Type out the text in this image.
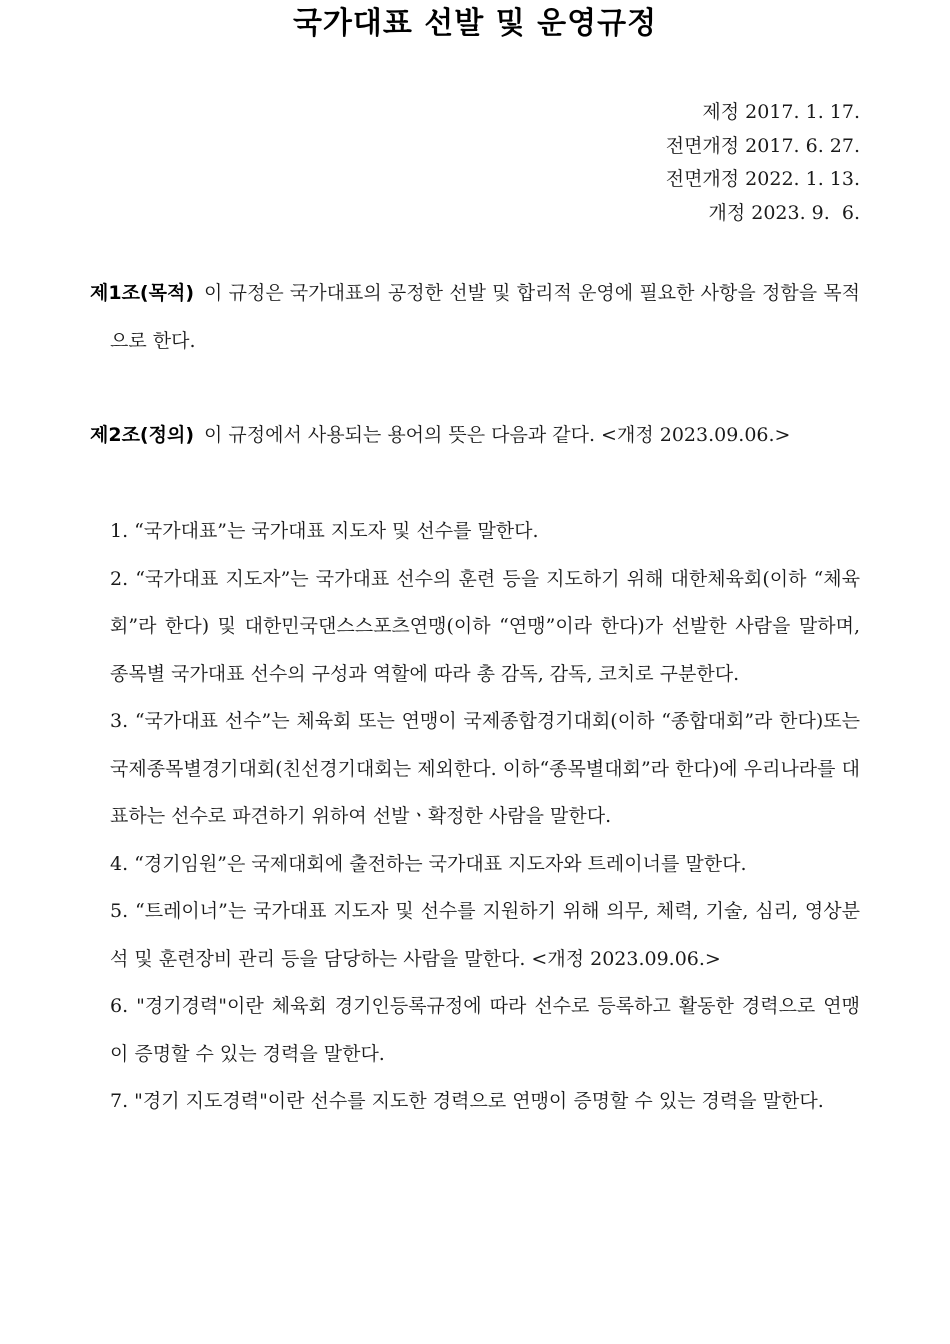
국가대표 선발 및 운영규정
제정 2017. 1. 17.
전면개정 2017. 6. 27.
전면개정 2022. 1. 13.
개정 2023. 9.  6.
제1조(목적) 이 규정은 국가대표의 공정한 선발 및 합리적 운영에 필요한 사항을 정함을 목적으로 한다.
제2조(정의) 이 규정에서 사용되는 용어의 뜻은 다음과 같다. <개정 2023.09.06.>
1. “국가대표”는 국가대표 지도자 및 선수를 말한다.
2. “국가대표 지도자”는 국가대표 선수의 훈련 등을 지도하기 위해 대한체육회(이하 “체육회”라 한다) 및 대한민국댄스스포츠연맹(이하 “연맹”이라 한다)가 선발한 사람을 말하며, 종목별 국가대표 선수의 구성과 역할에 따라 총 감독, 감독, 코치로 구분한다.
3. “국가대표 선수”는 체육회 또는 연맹이 국제종합경기대회(이하 “종합대회”라 한다)또는 국제종목별경기대회(친선경기대회는 제외한다. 이하“종목별대회”라 한다)에 우리나라를 대표하는 선수로 파견하기 위하여 선발ㆍ확정한 사람을 말한다.
4. “경기임원”은 국제대회에 출전하는 국가대표 지도자와 트레이너를 말한다.
5. “트레이너”는 국가대표 지도자 및 선수를 지원하기 위해 의무, 체력, 기술, 심리, 영상분석 및 훈련장비 관리 등을 담당하는 사람을 말한다. <개정 2023.09.06.>
6. "경기경력"이란 체육회 경기인등록규정에 따라 선수로 등록하고 활동한 경력으로 연맹이 증명할 수 있는 경력을 말한다.
7. "경기 지도경력"이란 선수를 지도한 경력으로 연맹이 증명할 수 있는 경력을 말한다.
